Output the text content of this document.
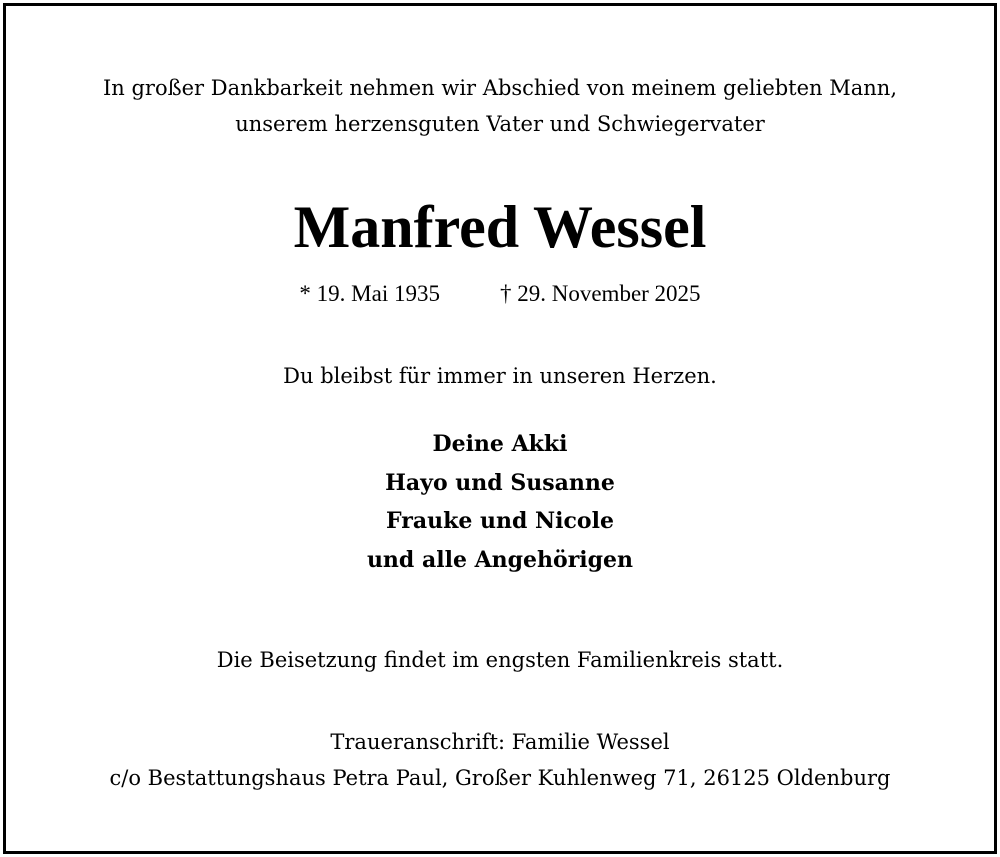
In großer Dankbarkeit nehmen wir Abschied von meinem geliebten Mann,
unserem herzensguten Vater und Schwiegervater
Manfred Wessel
* 19. Mai 1935	† 29. November 2025
Du bleibst für immer in unseren Herzen.
Deine Akki
Hayo und Susanne
Frauke und Nicole
und alle Angehörigen
Die Beisetzung findet im engsten Familienkreis statt.
Traueranschrift: Familie Wessel
c/o Bestattungshaus Petra Paul, Großer Kuhlenweg 71, 26125 Oldenburg
